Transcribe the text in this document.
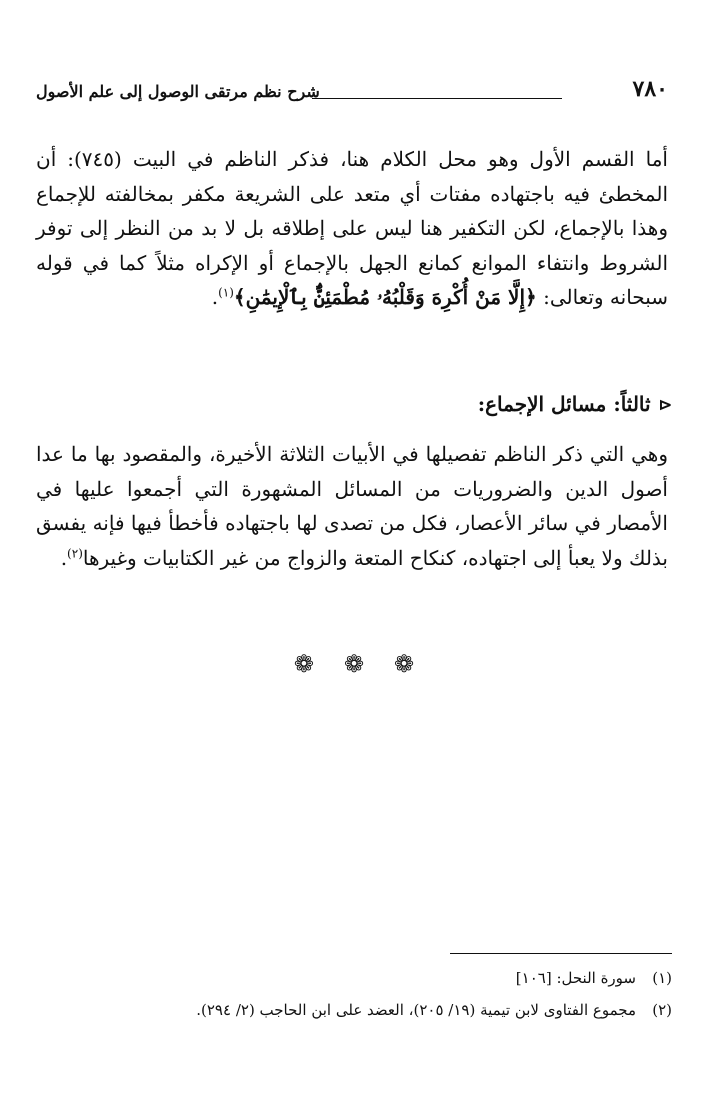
٧٨٠
شرح نظم مرتقى الوصول إلى علم الأصول

أما القسم الأول وهو محل الكلام هنا، فذكر الناظم في البيت (٧٤٥): أن المخطئ فيه باجتهاده مفتات أي متعد على الشريعة مكفر بمخالفته للإجماع وهذا بالإجماع، لكن التكفير هنا ليس على إطلاقه بل لا بد من النظر إلى توفر الشروط وانتفاء الموانع كمانع الجهل بالإجماع أو الإكراه مثلاً كما في قوله سبحانه وتعالى: ﴿إِلَّا مَنْ أُكْرِهَ وَقَلْبُهُۥ مُطْمَئِنٌّۢ بِٱلْإِيمَٰنِ﴾$^{(١)}$.

⊲
ثالثاً: مسائل الإجماع:

وهي التي ذكر الناظم تفصيلها في الأبيات الثلاثة الأخيرة، والمقصود بها ما عدا أصول الدين والضروريات من المسائل المشهورة التي أجمعوا عليها في الأمصار في سائر الأعصار، فكل من تصدى لها باجتهاده فأخطأ فيها فإنه يفسق بذلك ولا يعبأ إلى اجتهاده، كنكاح المتعة والزواج من غير الكتابيات وغيرها$^{(٢)}$.

❁ ❁ ❁
(١)
سورة النحل: [١٠٦]
(٢)
مجموع الفتاوى لابن تيمية (١٩/ ٢٠٥)، العضد على ابن الحاجب (٢/ ٢٩٤).
